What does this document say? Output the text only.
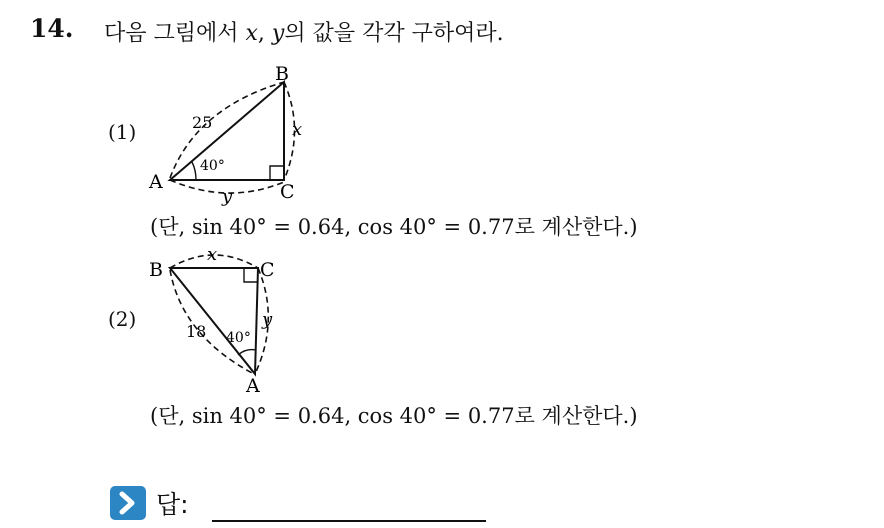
14. 다음 그림에서 x, y의 값을 각각 구하여라.
(1)
A
B
C
25
40°
x
y
(단, sin 40° = 0.64, cos 40° = 0.77로 계산한다.)
(2)
A
B	C
18 40°
x
y
(단, sin 40° = 0.64, cos 40° = 0.77로 계산한다.)
답:
